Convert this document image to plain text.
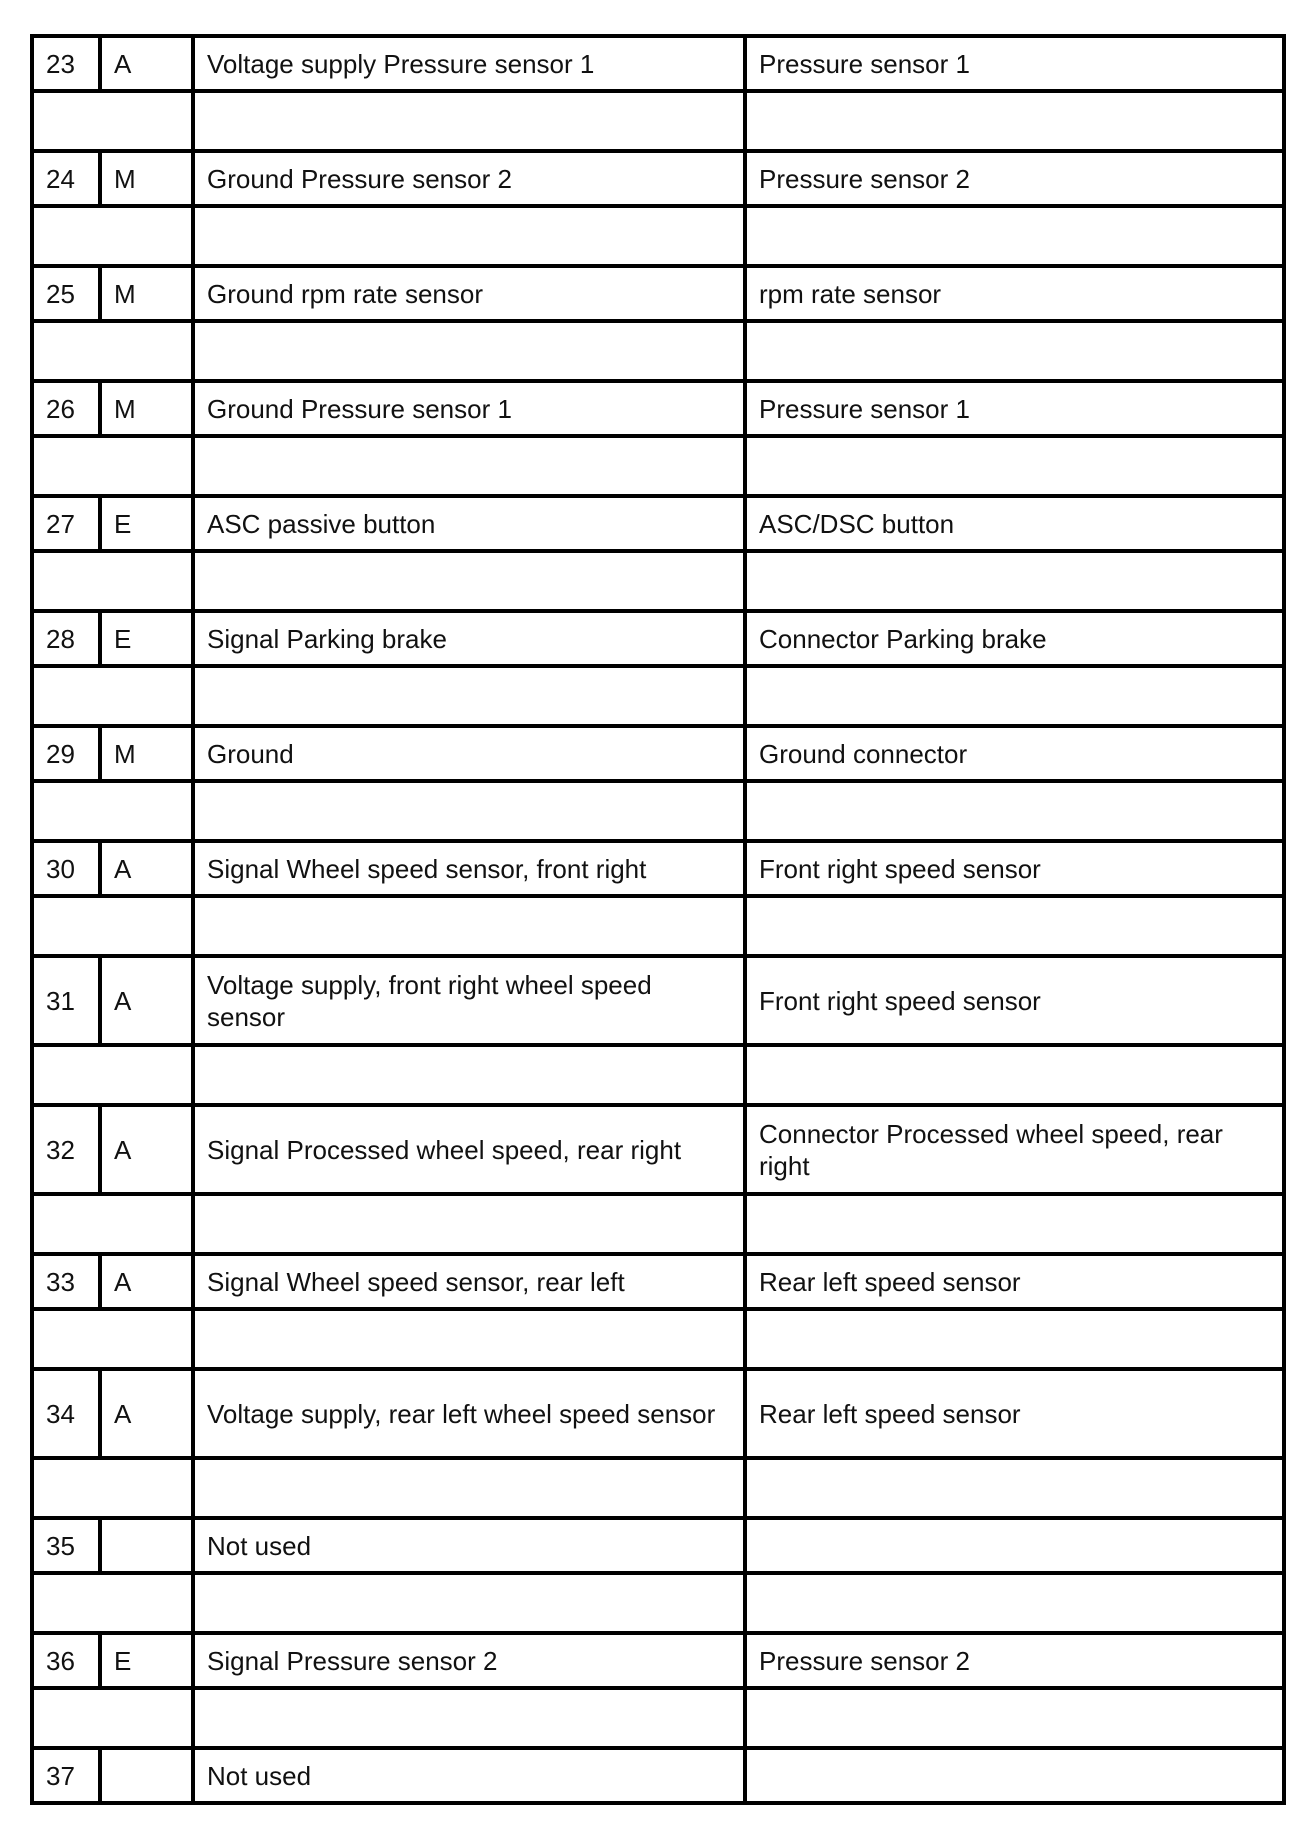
23	A	Voltage supply Pressure sensor 1	Pressure sensor 1

24	M	Ground Pressure sensor 2	Pressure sensor 2

25	M	Ground rpm rate sensor	rpm rate sensor

26	M	Ground Pressure sensor 1	Pressure sensor 1

27	E	ASC passive button	ASC/DSC button

28	E	Signal Parking brake	Connector Parking brake

29	M	Ground	Ground connector

30	A	Signal Wheel speed sensor, front right	Front right speed sensor

31	A	Voltage supply, front right wheel speed sensor	Front right speed sensor

32	A	Signal Processed wheel speed, rear right	Connector Processed wheel speed, rear right

33	A	Signal Wheel speed sensor, rear left	Rear left speed sensor

34	A	Voltage supply, rear left wheel speed sensor	Rear left speed sensor

35		Not used	

36	E	Signal Pressure sensor 2	Pressure sensor 2

37		Not used	
